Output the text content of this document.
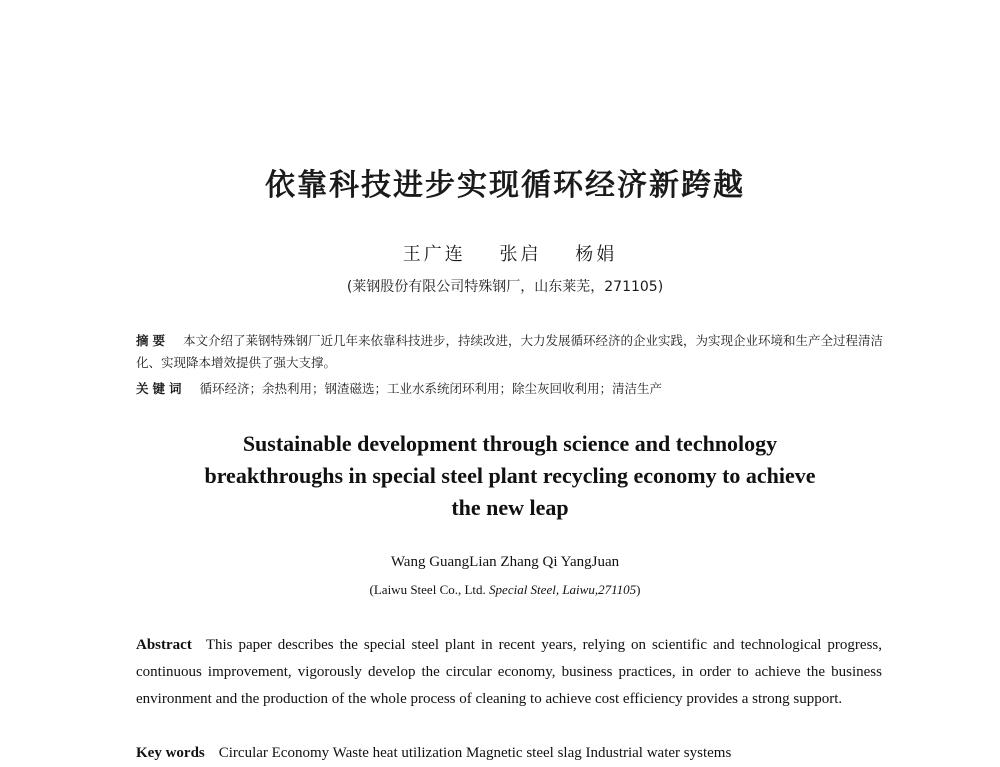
依靠科技进步实现循环经济新跨越
王广连 张启 杨娟
(莱钢股份有限公司特殊钢厂，山东莱芜，271105)
摘要 本文介绍了莱钢特殊钢厂近几年来依靠科技进步，持续改进，大力发展循环经济的企业实践，为实现企业环境和生产全过程清洁化、实现降本增效提供了强大支撑。
关键词 循环经济；余热利用；钢渣磁选；工业水系统闭环利用；除尘灰回收利用；清洁生产
Sustainable development through science and technology breakthroughs in special steel plant recycling economy to achieve the new leap
Wang GuangLian Zhang Qi YangJuan
(Laiwu Steel Co., Ltd. Special Steel, Laiwu,271105)
Abstract This paper describes the special steel plant in recent years, relying on scientific and technological progress, continuous improvement, vigorously develop the circular economy, business practices, in order to achieve the business environment and the production of the whole process of cleaning to achieve cost efficiency provides a strong support.
Key words Circular Economy Waste heat utilization Magnetic steel slag Industrial water systems
